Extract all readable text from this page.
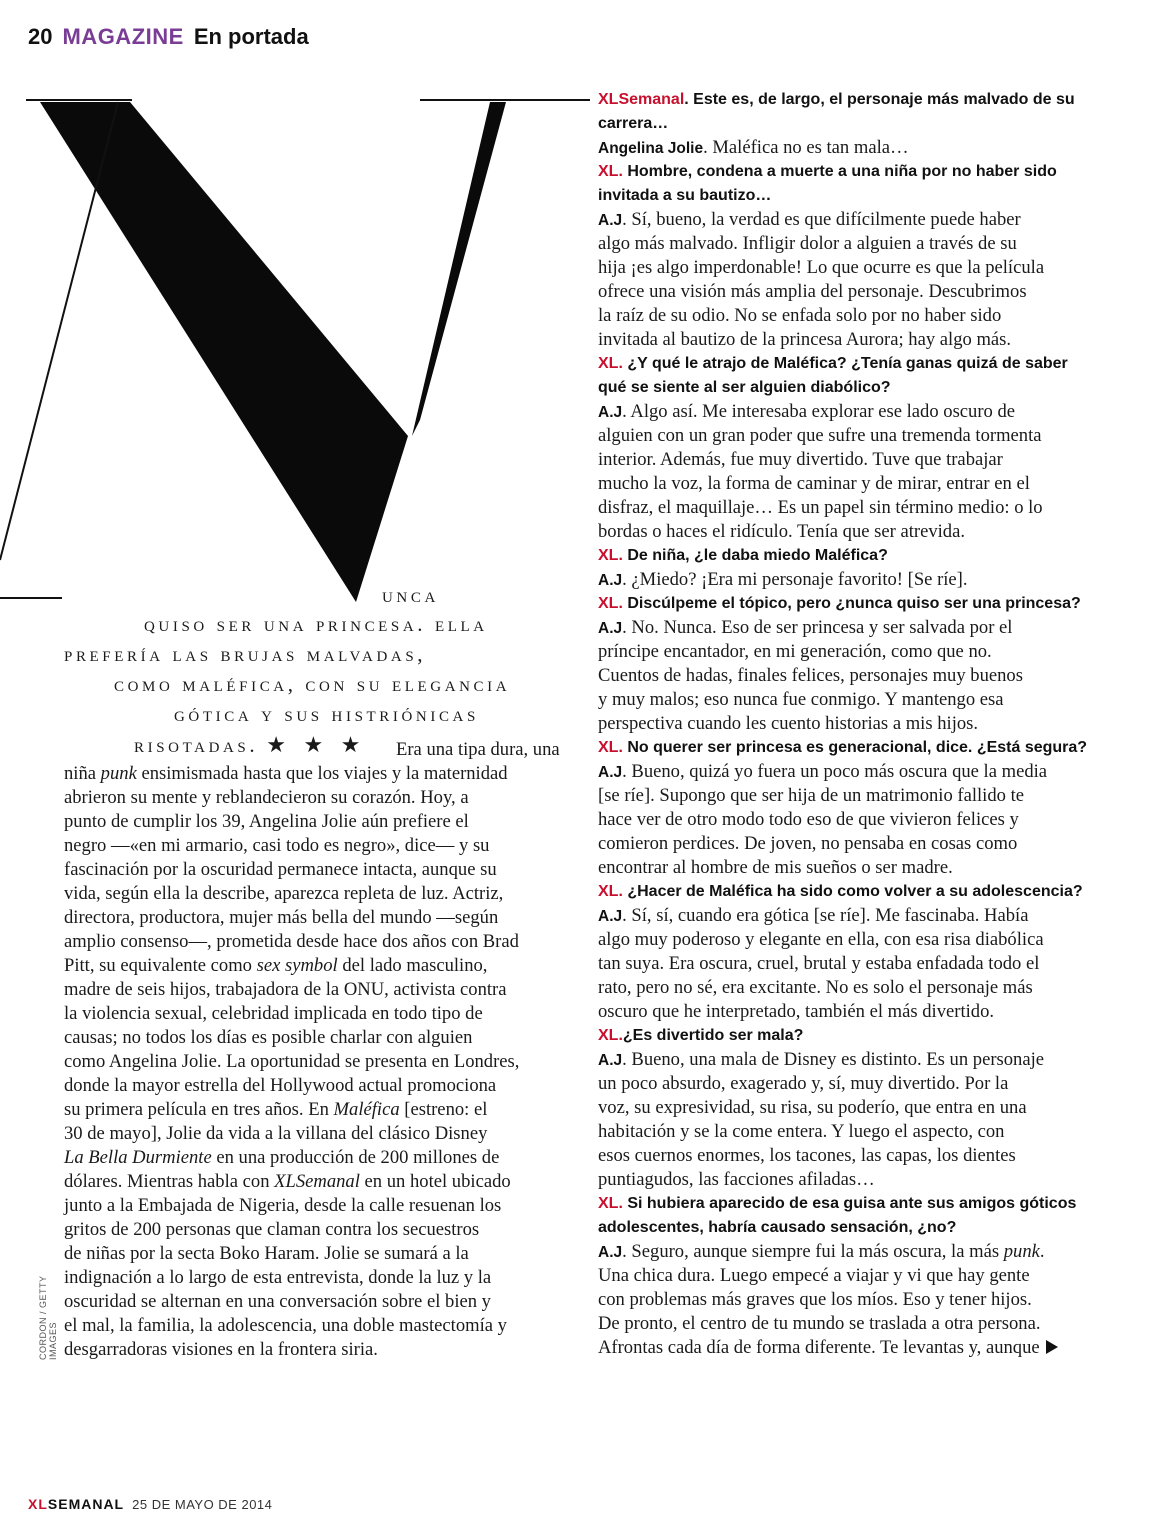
20 MAGAZINE En portada
unca
quiso ser una princesa. ella
prefería las brujas malvadas,
como maléfica, con su elegancia
gótica y sus histriónicas
risotadas. ★ ★ ★	Era una tipa dura, una
niña punk ensimismada hasta que los viajes y la maternidad
abrieron su mente y reblandecieron su corazón. Hoy, a
punto de cumplir los 39, Angelina Jolie aún prefiere el
negro —«en mi armario, casi todo es negro», dice— y su
fascinación por la oscuridad permanece intacta, aunque su
vida, según ella la describe, aparezca repleta de luz. Actriz,
directora, productora, mujer más bella del mundo —según
amplio consenso—, prometida desde hace dos años con Brad
Pitt, su equivalente como sex symbol del lado masculino,
madre de seis hijos, trabajadora de la ONU, activista contra
la violencia sexual, celebridad implicada en todo tipo de
causas; no todos los días es posible charlar con alguien
como Angelina Jolie. La oportunidad se presenta en Londres,
donde la mayor estrella del Hollywood actual promociona
su primera película en tres años. En Maléfica [estreno: el
30 de mayo], Jolie da vida a la villana del clásico Disney
La Bella Durmiente en una producción de 200 millones de
dólares. Mientras habla con XLSemanal en un hotel ubicado
junto a la Embajada de Nigeria, desde la calle resuenan los
gritos de 200 personas que claman contra los secuestros
de niñas por la secta Boko Haram. Jolie se sumará a la
indignación a lo largo de esta entrevista, donde la luz y la
oscuridad se alternan en una conversación sobre el bien y
el mal, la familia, la adolescencia, una doble mastectomía y
desgarradoras visiones en la frontera siria.
CORDON / GETTY IMAGES
XLSemanal. Este es, de largo, el personaje más malvado de su
carrera…
Angelina Jolie. Maléfica no es tan mala…
XL. Hombre, condena a muerte a una niña por no haber sido
invitada a su bautizo…
A.J. Sí, bueno, la verdad es que difícilmente puede haber
algo más malvado. Infligir dolor a alguien a través de su
hija ¡es algo imperdonable! Lo que ocurre es que la película
ofrece una visión más amplia del personaje. Descubrimos
la raíz de su odio. No se enfada solo por no haber sido
invitada al bautizo de la princesa Aurora; hay algo más.
XL. ¿Y qué le atrajo de Maléfica? ¿Tenía ganas quizá de saber
qué se siente al ser alguien diabólico?
A.J. Algo así. Me interesaba explorar ese lado oscuro de
alguien con un gran poder que sufre una tremenda tormenta
interior. Además, fue muy divertido. Tuve que trabajar
mucho la voz, la forma de caminar y de mirar, entrar en el
disfraz, el maquillaje… Es un papel sin término medio: o lo
bordas o haces el ridículo. Tenía que ser atrevida.
XL. De niña, ¿le daba miedo Maléfica?
A.J. ¿Miedo? ¡Era mi personaje favorito! [Se ríe].
XL. Discúlpeme el tópico, pero ¿nunca quiso ser una princesa?
A.J. No. Nunca. Eso de ser princesa y ser salvada por el
príncipe encantador, en mi generación, como que no.
Cuentos de hadas, finales felices, personajes muy buenos
y muy malos; eso nunca fue conmigo. Y mantengo esa
perspectiva cuando les cuento historias a mis hijos.
XL. No querer ser princesa es generacional, dice. ¿Está segura?
A.J. Bueno, quizá yo fuera un poco más oscura que la media
[se ríe]. Supongo que ser hija de un matrimonio fallido te
hace ver de otro modo todo eso de que vivieron felices y
comieron perdices. De joven, no pensaba en cosas como
encontrar al hombre de mis sueños o ser madre.
XL. ¿Hacer de Maléfica ha sido como volver a su adolescencia?
A.J. Sí, sí, cuando era gótica [se ríe]. Me fascinaba. Había
algo muy poderoso y elegante en ella, con esa risa diabólica
tan suya. Era oscura, cruel, brutal y estaba enfadada todo el
rato, pero no sé, era excitante. No es solo el personaje más
oscuro que he interpretado, también el más divertido.
XL.¿Es divertido ser mala?
A.J. Bueno, una mala de Disney es distinto. Es un personaje
un poco absurdo, exagerado y, sí, muy divertido. Por la
voz, su expresividad, su risa, su poderío, que entra en una
habitación y se la come entera. Y luego el aspecto, con
esos cuernos enormes, los tacones, las capas, los dientes
puntiagudos, las facciones afiladas…
XL. Si hubiera aparecido de esa guisa ante sus amigos góticos
adolescentes, habría causado sensación, ¿no?
A.J. Seguro, aunque siempre fui la más oscura, la más punk.
Una chica dura. Luego empecé a viajar y vi que hay gente
con problemas más graves que los míos. Eso y tener hijos.
De pronto, el centro de tu mundo se traslada a otra persona.
Afrontas cada día de forma diferente. Te levantas y, aunque
XLSEMANAL 25 DE MAYO DE 2014
